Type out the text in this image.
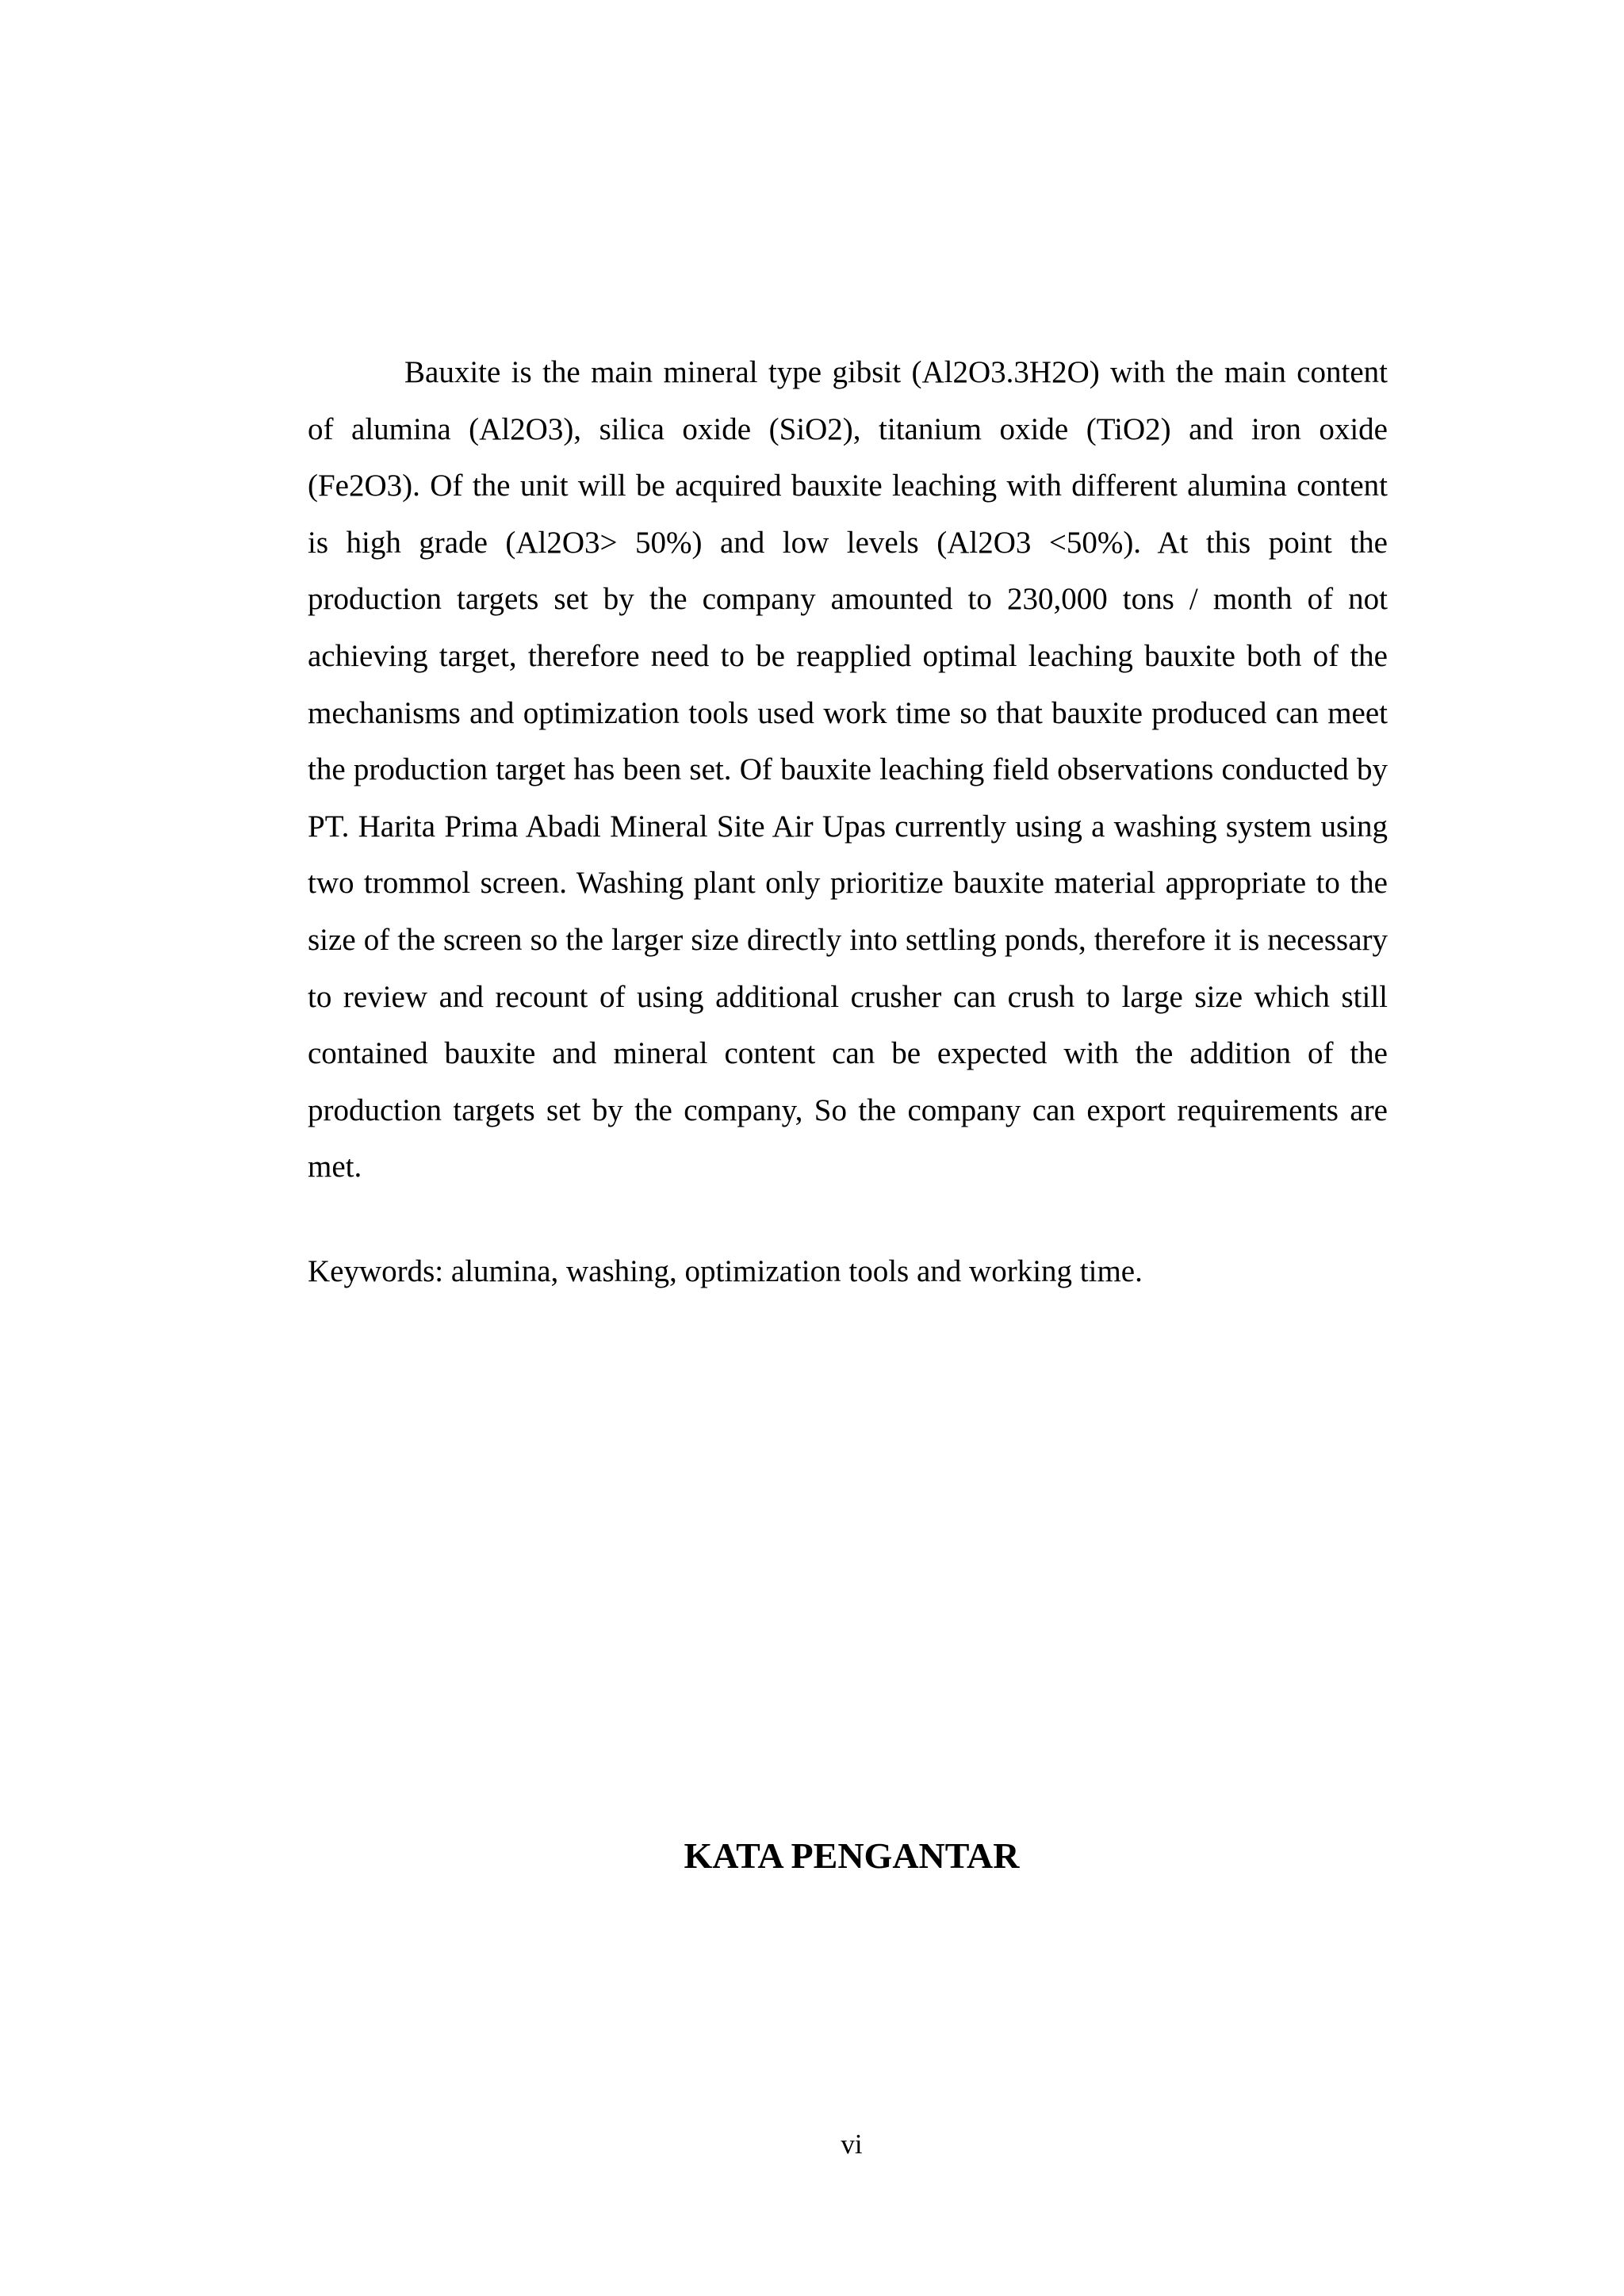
Bauxite is the main mineral type gibsit (Al2O3.3H2O) with the main content of alumina (Al2O3), silica oxide (SiO2), titanium oxide (TiO2) and iron oxide (Fe2O3). Of the unit will be acquired bauxite leaching with different alumina content is high grade (Al2O3> 50%) and low levels (Al2O3 <50%). At this point the production targets set by the company amounted to 230,000 tons / month of not achieving target, therefore need to be reapplied optimal leaching bauxite both of the mechanisms and optimization tools used work time so that bauxite produced can meet the production target has been set. Of bauxite leaching field observations conducted by PT. Harita Prima Abadi Mineral Site Air Upas currently using a washing system using two trommol screen. Washing plant only prioritize bauxite material appropriate to the size of the screen so the larger size directly into settling ponds, therefore it is necessary to review and recount of using additional crusher can crush to large size which still contained bauxite and mineral content can be expected with the addition of the production targets set by the company, So the company can export requirements are met.

Keywords: alumina, washing, optimization tools and working time.

KATA PENGANTAR
vi
